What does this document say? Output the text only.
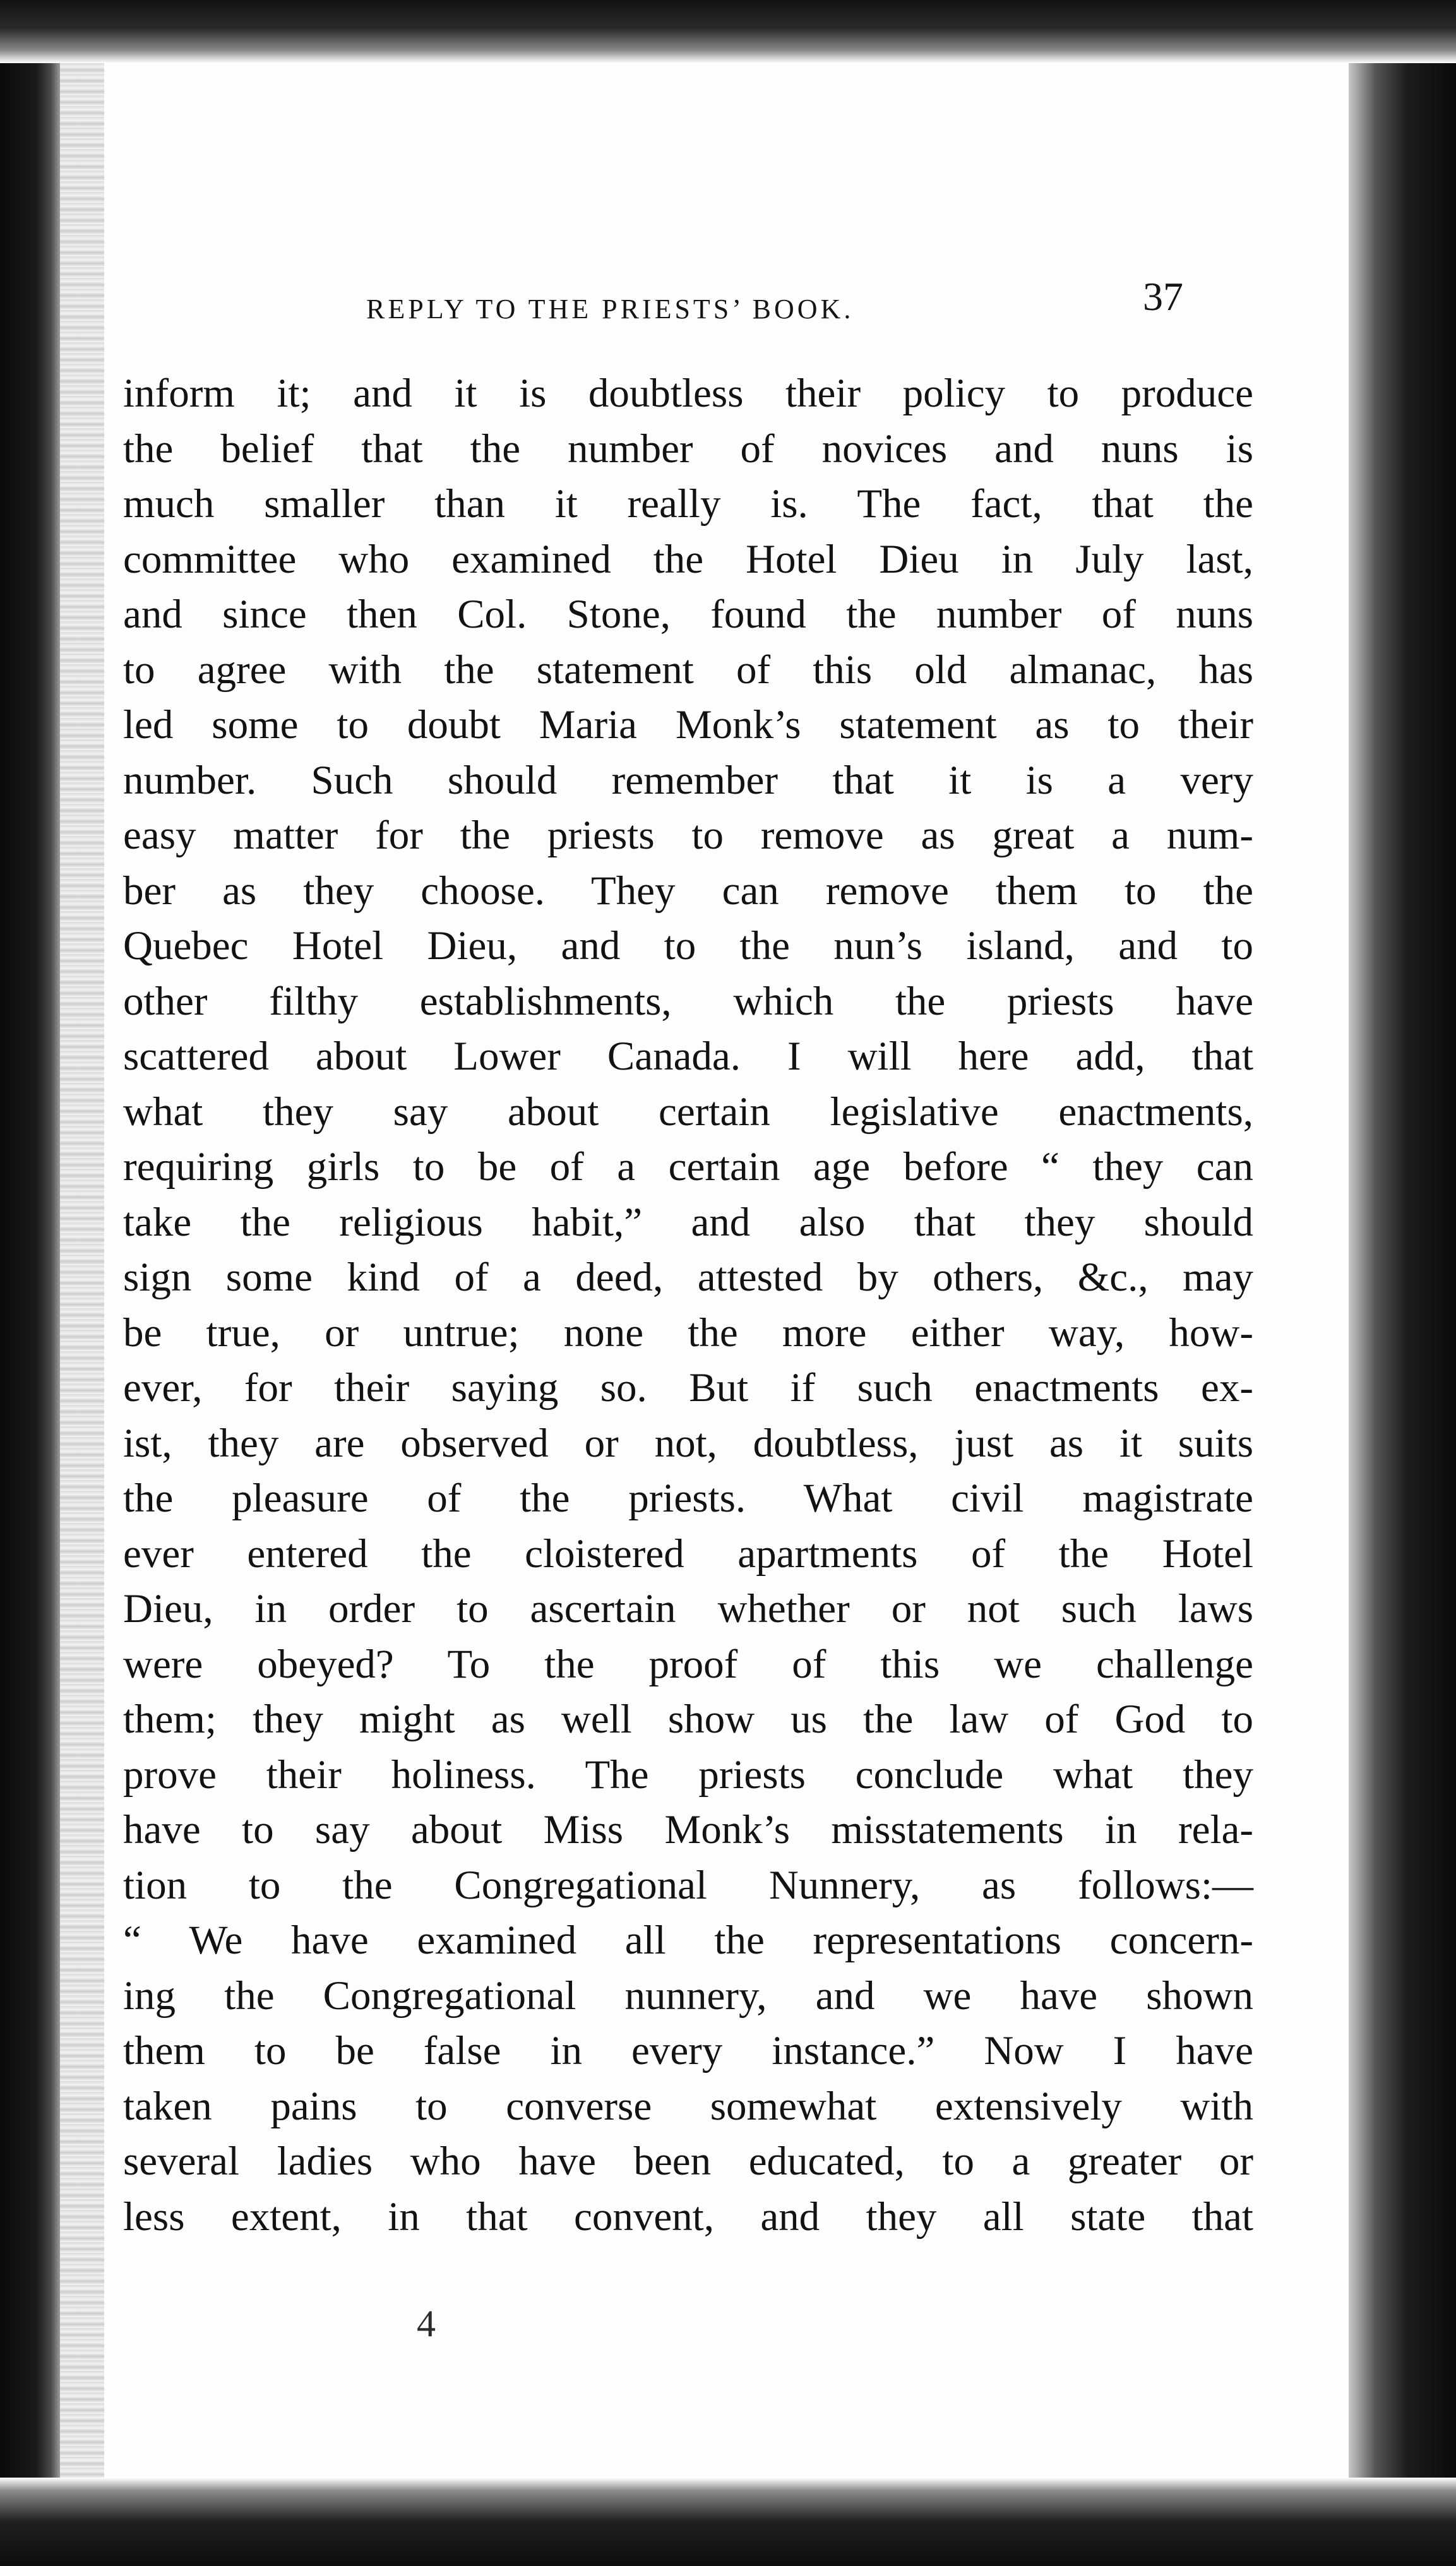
REPLY TO THE PRIESTS’ BOOK.	37
inform it; and it is doubtless their policy to produce
the belief that the number of novices and nuns is
much smaller than it really is. The fact, that the
committee who examined the Hotel Dieu in July last,
and since then Col. Stone, found the number of nuns
to agree with the statement of this old almanac, has
led some to doubt Maria Monk’s statement as to their
number. Such should remember that it is a very
easy matter for the priests to remove as great a num-
ber as they choose. They can remove them to the
Quebec Hotel Dieu, and to the nun’s island, and to
other filthy establishments, which the priests have
scattered about Lower Canada. I will here add, that
what they say about certain legislative enactments,
requiring girls to be of a certain age before “ they can
take the religious habit,” and also that they should
sign some kind of a deed, attested by others, &c., may
be true, or untrue; none the more either way, how-
ever, for their saying so. But if such enactments ex-
ist, they are observed or not, doubtless, just as it suits
the pleasure of the priests. What civil magistrate
ever entered the cloistered apartments of the Hotel
Dieu, in order to ascertain whether or not such laws
were obeyed? To the proof of this we challenge
them; they might as well show us the law of God to
prove their holiness. The priests conclude what they
have to say about Miss Monk’s misstatements in rela-
tion to the Congregational Nunnery, as follows:—
“ We have examined all the representations concern-
ing the Congregational nunnery, and we have shown
them to be false in every instance.” Now I have
taken pains to converse somewhat extensively with
several ladies who have been educated, to a greater or
less extent, in that convent, and they all state that
4
